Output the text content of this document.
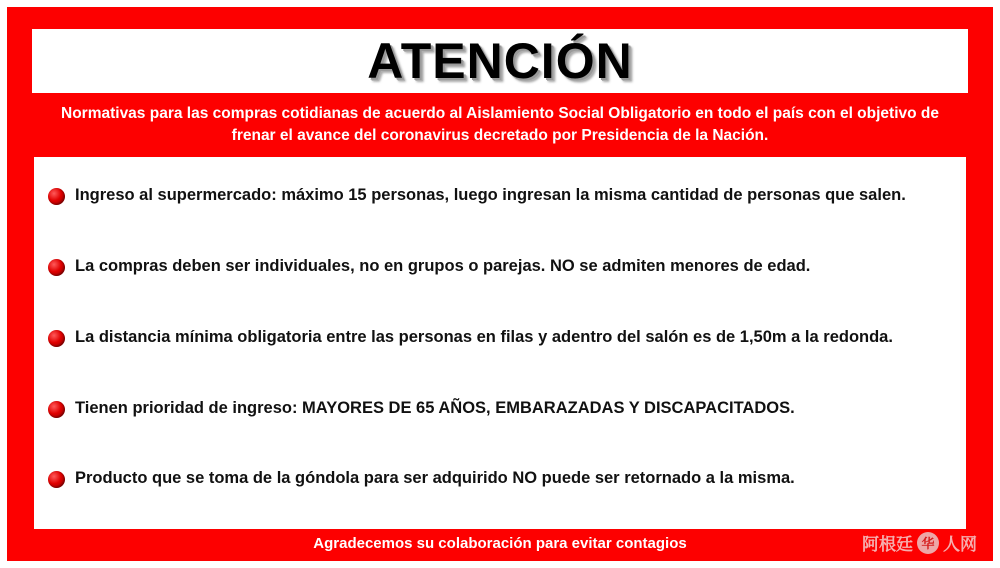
ATENCIÓN
Normativas para las compras cotidianas de acuerdo al Aislamiento Social Obligatorio en todo el país con el objetivo de frenar el avance del coronavirus decretado por Presidencia de la Nación.
Ingreso al supermercado: máximo 15 personas, luego ingresan la misma cantidad de personas que salen.
La compras deben ser individuales, no en grupos o parejas. NO se admiten menores de edad.
La distancia mínima obligatoria entre las personas en filas y adentro del salón es de 1,50m a la redonda.
Tienen prioridad de ingreso: MAYORES DE 65 AÑOS, EMBARAZADAS Y DISCAPACITADOS.
Producto que se toma de la góndola para ser adquirido NO puede ser retornado a la misma.
Agradecemos su colaboración para evitar contagios	阿根廷 华 人网
